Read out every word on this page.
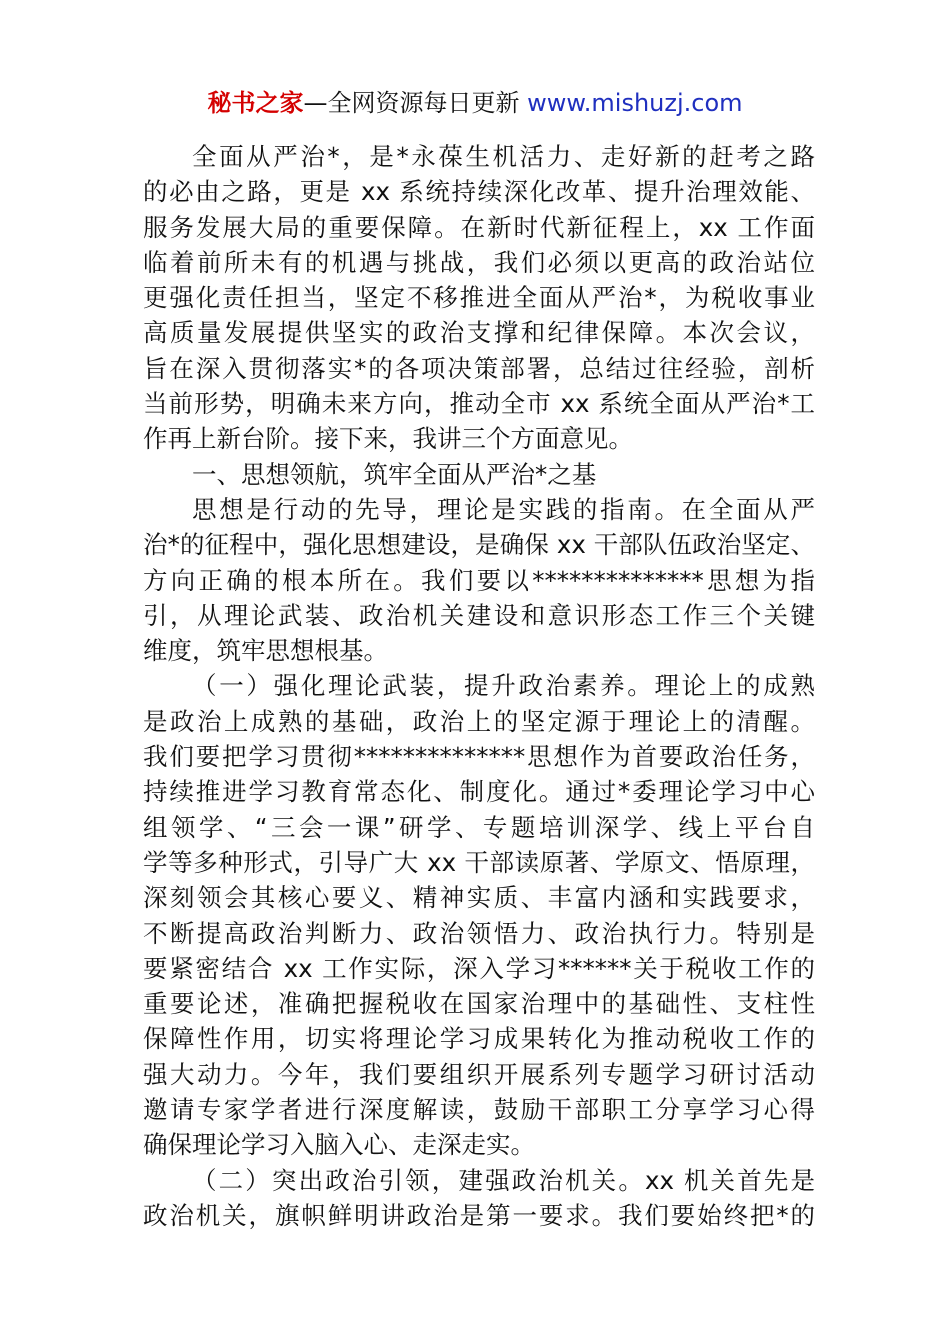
秘书之家—全网资源每日更新 www.mishuzj.com
全面从严治*，是*永葆生机活力、走好新的赶考之路
的必由之路，更是 xx 系统持续深化改革、提升治理效能、
服务发展大局的重要保障。在新时代新征程上，xx 工作面
临着前所未有的机遇与挑战，我们必须以更高的政治站位
更强化责任担当，坚定不移推进全面从严治*，为税收事业
高质量发展提供坚实的政治支撑和纪律保障。本次会议，
旨在深入贯彻落实*的各项决策部署，总结过往经验，剖析
当前形势，明确未来方向，推动全市 xx 系统全面从严治*工
作再上新台阶。接下来，我讲三个方面意见。
一、思想领航，筑牢全面从严治*之基
思想是行动的先导，理论是实践的指南。在全面从严
治*的征程中，强化思想建设，是确保 xx 干部队伍政治坚定、
方向正确的根本所在。我们要以**************思想为指
引，从理论武装、政治机关建设和意识形态工作三个关键
维度，筑牢思想根基。
（一）强化理论武装，提升政治素养。理论上的成熟
是政治上成熟的基础，政治上的坚定源于理论上的清醒。
我们要把学习贯彻**************思想作为首要政治任务，
持续推进学习教育常态化、制度化。通过*委理论学习中心
组领学、“三会一课”研学、专题培训深学、线上平台自
学等多种形式，引导广大 xx 干部读原著、学原文、悟原理，
深刻领会其核心要义、精神实质、丰富内涵和实践要求，
不断提高政治判断力、政治领悟力、政治执行力。特别是
要紧密结合 xx 工作实际，深入学习******关于税收工作的
重要论述，准确把握税收在国家治理中的基础性、支柱性
保障性作用，切实将理论学习成果转化为推动税收工作的
强大动力。今年，我们要组织开展系列专题学习研讨活动
邀请专家学者进行深度解读，鼓励干部职工分享学习心得
确保理论学习入脑入心、走深走实。
（二）突出政治引领，建强政治机关。xx 机关首先是
政治机关，旗帜鲜明讲政治是第一要求。我们要始终把*的
